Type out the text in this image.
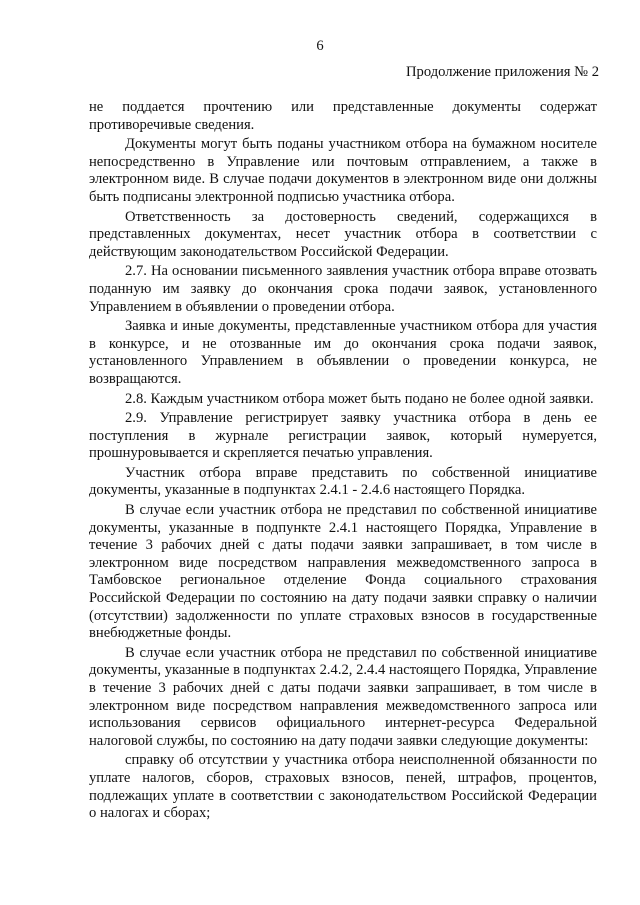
6
Продолжение приложения № 2

не поддается прочтению или представленные документы содержат противоречивые сведения.

Документы могут быть поданы участником отбора на бумажном носителе непосредственно в Управление или почтовым отправлением, а также в электронном виде. В случае подачи документов в электронном виде они должны быть подписаны электронной подписью участника отбора.

Ответственность за достоверность сведений, содержащихся в представленных документах, несет участник отбора в соответствии с действующим законодательством Российской Федерации.

2.7. На основании письменного заявления участник отбора вправе отозвать поданную им заявку до окончания срока подачи заявок, установленного Управлением в объявлении о проведении отбора.

Заявка и иные документы, представленные участником отбора для участия в конкурсе, и не отозванные им до окончания срока подачи заявок, установленного Управлением в объявлении о проведении конкурса, не возвращаются.

2.8. Каждым участником отбора может быть подано не более одной заявки.

2.9. Управление регистрирует заявку участника отбора в день ее поступления в журнале регистрации заявок, который нумеруется, прошнуровывается и скрепляется печатью управления.

Участник отбора вправе представить по собственной инициативе документы, указанные в подпунктах 2.4.1 - 2.4.6 настоящего Порядка.

В случае если участник отбора не представил по собственной инициативе документы, указанные в подпункте 2.4.1 настоящего Порядка, Управление в течение 3 рабочих дней с даты подачи заявки запрашивает, в том числе в электронном виде посредством направления межведомственного запроса в Тамбовское региональное отделение Фонда социального страхования Российской Федерации по состоянию на дату подачи заявки справку о наличии (отсутствии) задолженности по уплате страховых взносов в государственные внебюджетные фонды.

В случае если участник отбора не представил по собственной инициативе документы, указанные в подпунктах 2.4.2, 2.4.4 настоящего Порядка, Управление в течение 3 рабочих дней с даты подачи заявки запрашивает, в том числе в электронном виде посредством направления межведомственного запроса или использования сервисов официального интернет-ресурса Федеральной налоговой службы, по состоянию на дату подачи заявки следующие документы:

справку об отсутствии у участника отбора неисполненной обязанности по уплате налогов, сборов, страховых взносов, пеней, штрафов, процентов, подлежащих уплате в соответствии с законодательством Российской Федерации о налогах и сборах;
